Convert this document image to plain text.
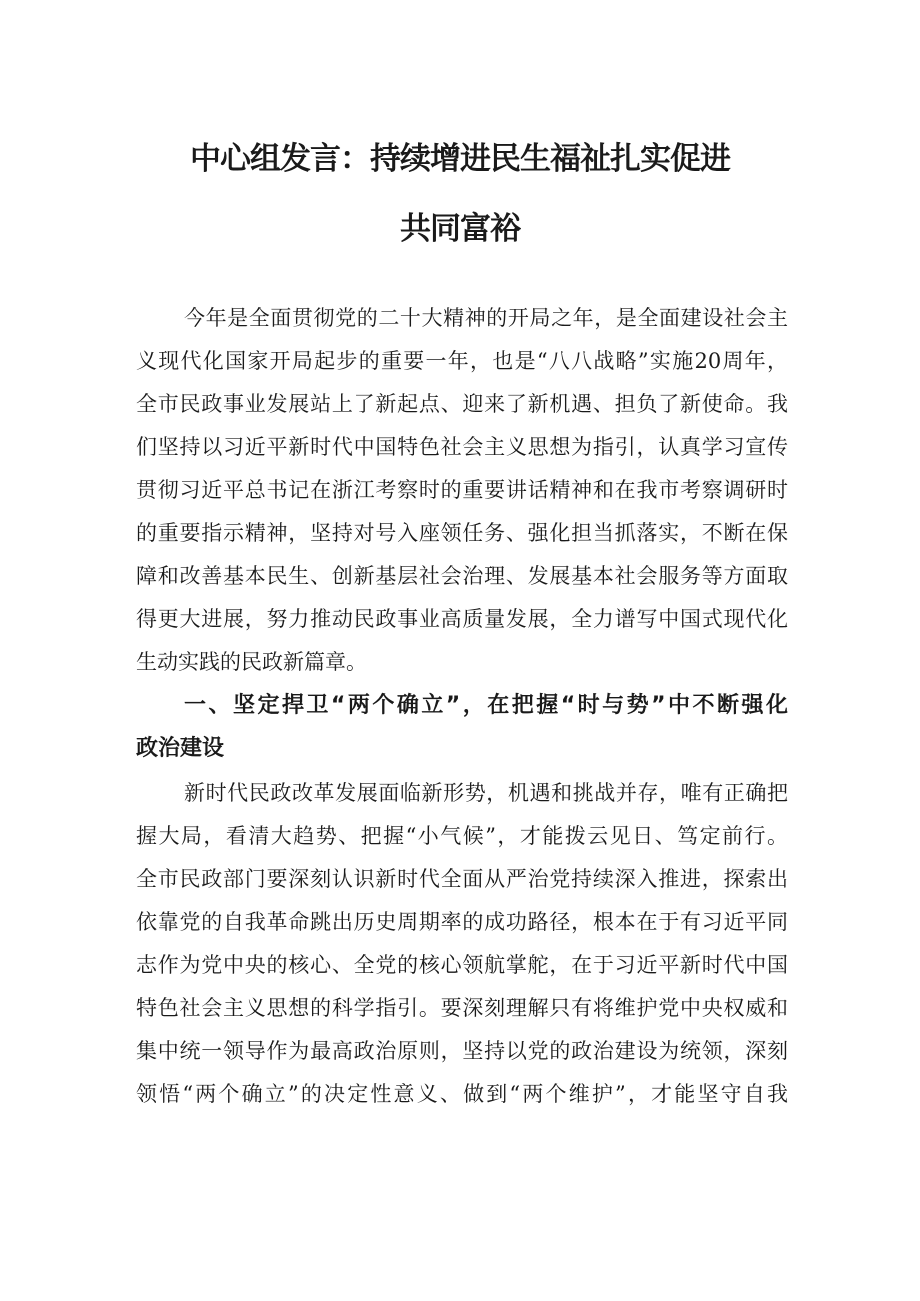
中心组发言：持续增进民生福祉扎实促进
共同富裕

今年是全面贯彻党的二十大精神的开局之年，是全面建设社会主

义现代化国家开局起步的重要一年，也是“八八战略”实施20周年，

全市民政事业发展站上了新起点、迎来了新机遇、担负了新使命。我

们坚持以习近平新时代中国特色社会主义思想为指引，认真学习宣传

贯彻习近平总书记在浙江考察时的重要讲话精神和在我市考察调研时

的重要指示精神，坚持对号入座领任务、强化担当抓落实，不断在保

障和改善基本民生、创新基层社会治理、发展基本社会服务等方面取

得更大进展，努力推动民政事业高质量发展，全力谱写中国式现代化

生动实践的民政新篇章。

一、坚定捍卫“两个确立”，在把握“时与势”中不断强化

政治建设

新时代民政改革发展面临新形势，机遇和挑战并存，唯有正确把

握大局，看清大趋势、把握“小气候”，才能拨云见日、笃定前行。

全市民政部门要深刻认识新时代全面从严治党持续深入推进，探索出

依靠党的自我革命跳出历史周期率的成功路径，根本在于有习近平同

志作为党中央的核心、全党的核心领航掌舵，在于习近平新时代中国

特色社会主义思想的科学指引。要深刻理解只有将维护党中央权威和

集中统一领导作为最高政治原则，坚持以党的政治建设为统领，深刻

领悟“两个确立”的决定性意义、做到“两个维护”，才能坚守自我
